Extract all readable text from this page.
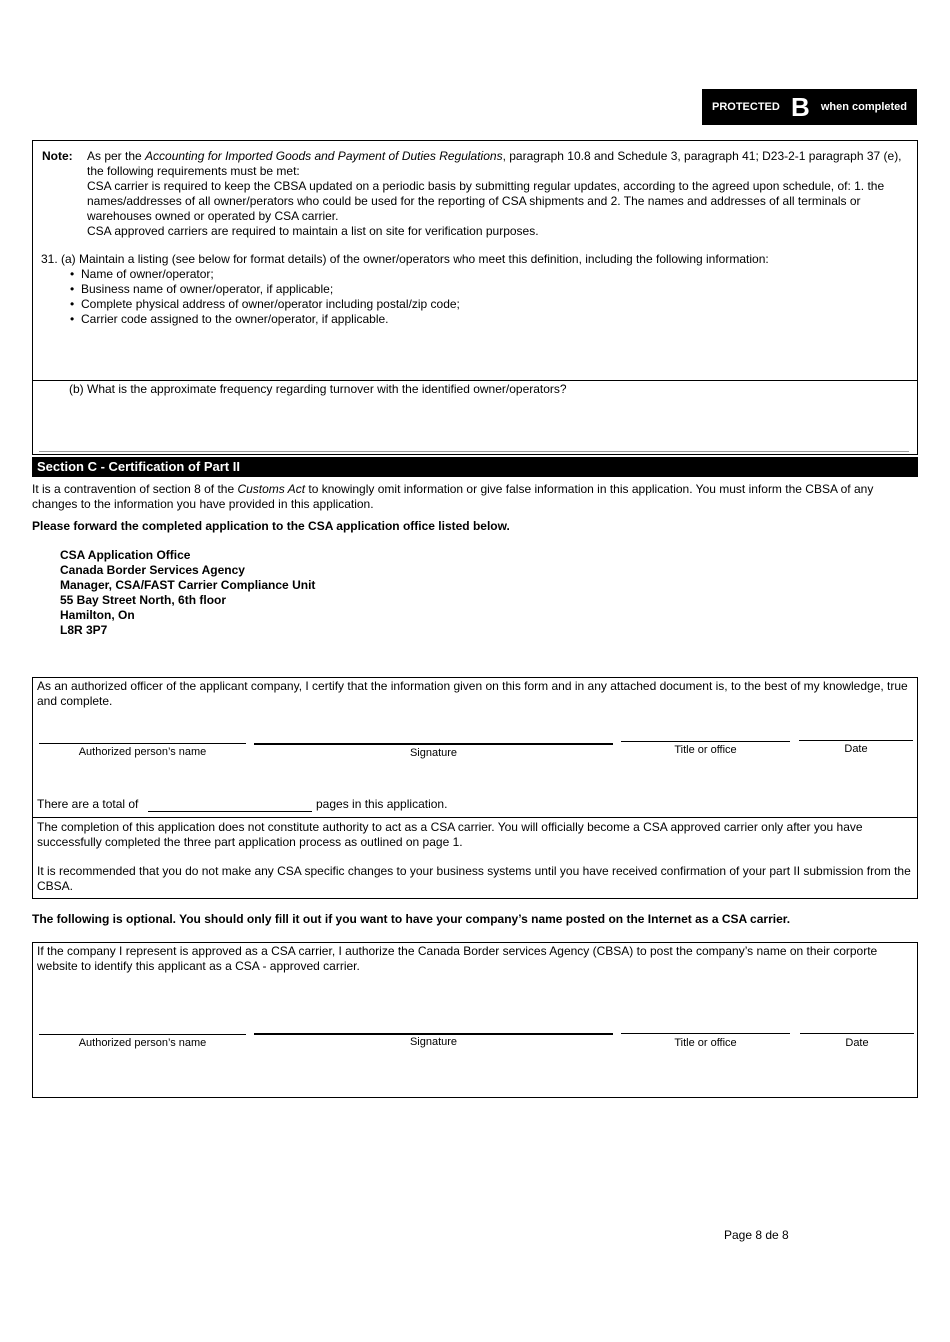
PROTECTED B when completed
Note: As per the Accounting for Imported Goods and Payment of Duties Regulations, paragraph 10.8 and Schedule 3, paragraph 41; D23-2-1 paragraph 37 (e), the following requirements must be met:

CSA carrier is required to keep the CBSA updated on a periodic basis by submitting regular updates, according to the agreed upon schedule, of: 1. the names/addresses of all owner/perators who could be used for the reporting of CSA shipments and 2. The names and addresses of all terminals or warehouses owned or operated by CSA carrier.

CSA approved carriers are required to maintain a list on site for verification purposes.

31. (a) Maintain a listing (see below for format details) of the owner/operators who meet this definition, including the following information:
• Name of owner/operator;
• Business name of owner/operator, if applicable;
• Complete physical address of owner/operator including postal/zip code;
• Carrier code assigned to the owner/operator, if applicable.
(b) What is the approximate frequency regarding turnover with the identified owner/operators?
Section C - Certification of Part II
It is a contravention of section 8 of the Customs Act to knowingly omit information or give false information in this application. You must inform the CBSA of any changes to the information you have provided in this application.
Please forward the completed application to the CSA application office listed below.
CSA Application Office
Canada Border Services Agency
Manager, CSA/FAST Carrier Compliance Unit
55 Bay Street North, 6th floor
Hamilton, On
L8R 3P7
As an authorized officer of the applicant company, I certify that the information given on this form and in any attached document is, to the best of my knowledge, true and complete.
Authorized person’s name	Signature	Title or office	Date
There are a total of	pages in this application.
The completion of this application does not constitute authority to act as a CSA carrier. You will officially become a CSA approved carrier only after you have successfully completed the three part application process as outlined on page 1.
It is recommended that you do not make any CSA specific changes to your business systems until you have received confirmation of your part II submission from the CBSA.
The following is optional. You should only fill it out if you want to have your company’s name posted on the Internet as a CSA carrier.
If the company I represent is approved as a CSA carrier, I authorize the Canada Border services Agency (CBSA) to post the company’s name on their corporte website to identify this applicant as a CSA - approved carrier.
Authorized person’s name	Signature	Title or office	Date
Page 8 de 8
